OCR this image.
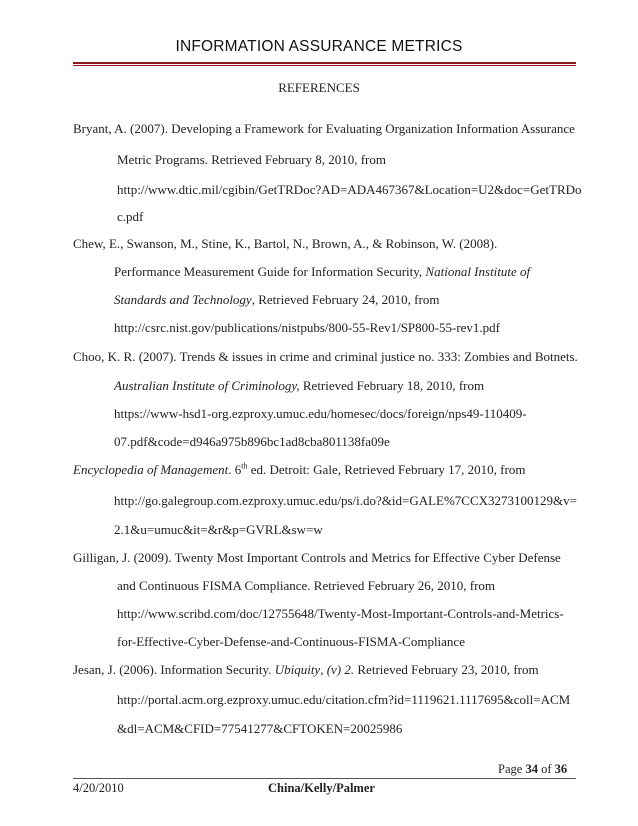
INFORMATION ASSURANCE METRICS
REFERENCES
Bryant, A. (2007). Developing a Framework for Evaluating Organization Information Assurance
Metric Programs. Retrieved February 8, 2010, from
http://www.dtic.mil/cgibin/GetTRDoc?AD=ADA467367&Location=U2&doc=GetTRDo
c.pdf
Chew, E., Swanson, M., Stine, K., Bartol, N., Brown, A., & Robinson, W. (2008).
Performance Measurement Guide for Information Security, National Institute of
Standards and Technology, Retrieved February 24, 2010, from
http://csrc.nist.gov/publications/nistpubs/800-55-Rev1/SP800-55-rev1.pdf
Choo, K. R. (2007). Trends & issues in crime and criminal justice no. 333: Zombies and Botnets.
Australian Institute of Criminology, Retrieved February 18, 2010, from
https://www-hsd1-org.ezproxy.umuc.edu/homesec/docs/foreign/nps49-110409-
07.pdf&code=d946a975b896bc1ad8cba801138fa09e
Encyclopedia of Management. 6th ed. Detroit: Gale, Retrieved February 17, 2010, from
http://go.galegroup.com.ezproxy.umuc.edu/ps/i.do?&id=GALE%7CCX3273100129&v=
2.1&u=umuc&it=&r&p=GVRL&sw=w
Gilligan, J. (2009). Twenty Most Important Controls and Metrics for Effective Cyber Defense
and Continuous FISMA Compliance. Retrieved February 26, 2010, from
http://www.scribd.com/doc/12755648/Twenty-Most-Important-Controls-and-Metrics-
for-Effective-Cyber-Defense-and-Continuous-FISMA-Compliance
Jesan, J. (2006). Information Security. Ubiquity, (v) 2. Retrieved February 23, 2010, from
http://portal.acm.org.ezproxy.umuc.edu/citation.cfm?id=1119621.1117695&coll=ACM
&dl=ACM&CFID=77541277&CFTOKEN=20025986
Page 34 of 36
4/20/2010	China/Kelly/Palmer
